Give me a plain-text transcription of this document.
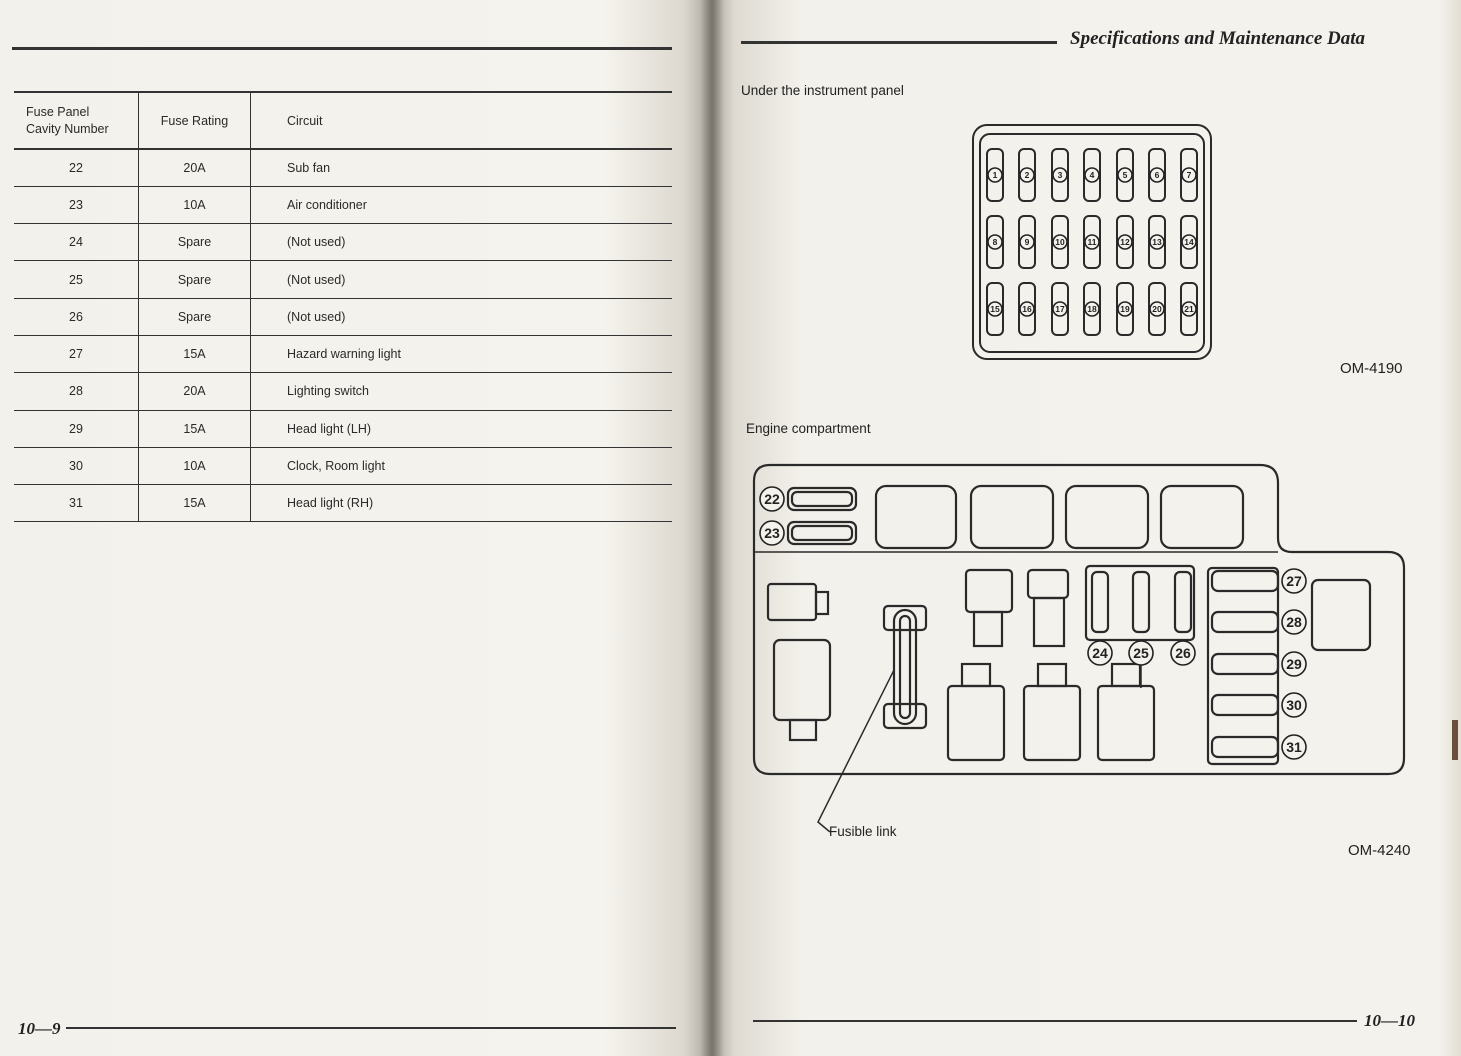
Fuse Panel
Cavity Number	Fuse Rating	Circuit
22	20A	Sub fan
23	10A	Air conditioner
24	Spare	(Not used)
25	Spare	(Not used)
26	Spare	(Not used)
27	15A	Hazard warning light
28	20A	Lighting switch
29	15A	Head light (LH)
30	10A	Clock, Room light
31	15A	Head light (RH)
10—9
Specifications and Maintenance Data
Under the instrument panel
1	2	3	4	5	6	7
8	9	10	11	12	13	14
15	16	17	18	19	20	21
OM-4190
Engine compartment
22
23
24 25 26
27
28
29
30
31
Fusible link
OM-4240
10—10
